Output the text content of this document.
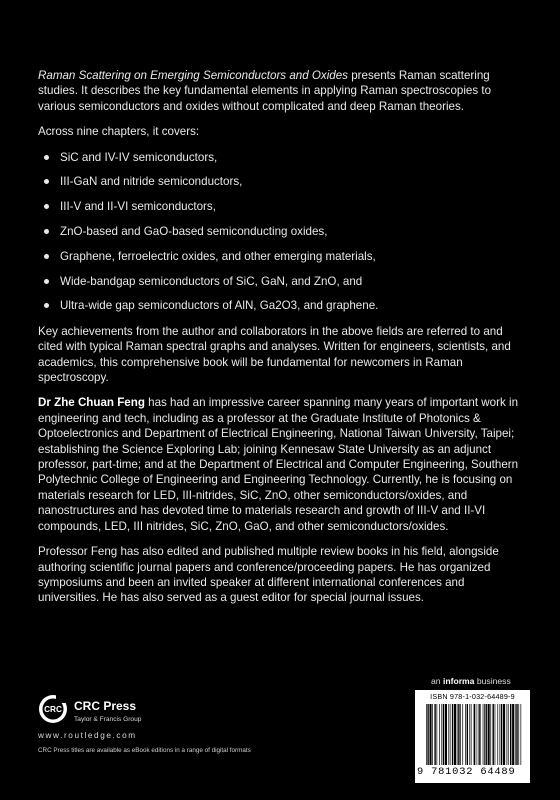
Raman Scattering on Emerging Semiconductors and Oxides presents Raman scattering studies. It describes the key fundamental elements in applying Raman spectroscopies to various semiconductors and oxides without complicated and deep Raman theories.

Across nine chapters, it covers:

SiC and IV-IV semiconductors,
III-GaN and nitride semiconductors,
III-V and II-VI semiconductors,
ZnO-based and GaO-based semiconducting oxides,
Graphene, ferroelectric oxides, and other emerging materials,
Wide-bandgap semiconductors of SiC, GaN, and ZnO, and
Ultra-wide gap semiconductors of AlN, Ga2O3, and graphene.

Key achievements from the author and collaborators in the above fields are referred to and cited with typical Raman spectral graphs and analyses. Written for engineers, scientists, and academics, this comprehensive book will be fundamental for newcomers in Raman spectroscopy.

Dr Zhe Chuan Feng has had an impressive career spanning many years of important work in engineering and tech, including as a professor at the Graduate Institute of Photonics & Optoelectronics and Department of Electrical Engineering, National Taiwan University, Taipei; establishing the Science Exploring Lab; joining Kennesaw State University as an adjunct professor, part-time; and at the Department of Electrical and Computer Engineering, Southern Polytechnic College of Engineering and Engineering Technology. Currently, he is focusing on materials research for LED, III-nitrides, SiC, ZnO, other semiconductors/oxides, and nanostructures and has devoted time to materials research and growth of III-V and II-VI compounds, LED, III nitrides, SiC, ZnO, GaO, and other semiconductors/oxides.

Professor Feng has also edited and published multiple review books in his field, alongside authoring scientific journal papers and conference/proceeding papers. He has organized symposiums and been an invited speaker at different international conferences and universities. He has also served as a guest editor for special journal issues.

an informa business
CRC CRC Press
Taylor & Francis Group
www.routledge.com
CRC Press titles are available as eBook editions in a range of digital formats
ISBN 978-1-032-64489-9
9 781032 64489
